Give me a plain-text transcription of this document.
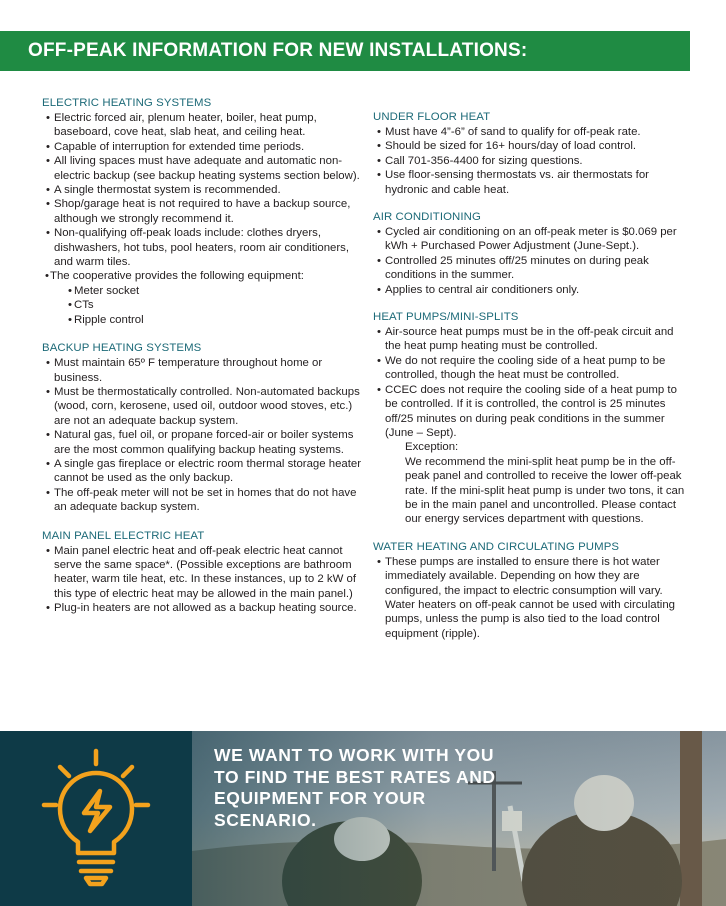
OFF-PEAK INFORMATION FOR NEW INSTALLATIONS:
ELECTRIC HEATING SYSTEMS
• Electric forced air, plenum heater, boiler, heat pump, baseboard, cove heat, slab heat, and ceiling heat.
• Capable of interruption for extended time periods.
• All living spaces must have adequate and automatic non-electric backup (see backup heating systems section below).
• A single thermostat system is recommended.
• Shop/garage heat is not required to have a backup source, although we strongly recommend it.
• Non-qualifying off-peak loads include: clothes dryers, dishwashers, hot tubs, pool heaters, room air conditioners, and warm tiles.
• The cooperative provides the following equipment:
• Meter socket
• CTs
• Ripple control
BACKUP HEATING SYSTEMS
• Must maintain 65º F temperature throughout home or business.
• Must be thermostatically controlled. Non-automated backups (wood, corn, kerosene, used oil, outdoor wood stoves, etc.) are not an adequate backup system.
• Natural gas, fuel oil, or propane forced-air or boiler systems are the most common qualifying backup heating systems.
• A single gas fireplace or electric room thermal storage heater cannot be used as the only backup.
• The off-peak meter will not be set in homes that do not have an adequate backup system.
MAIN PANEL ELECTRIC HEAT
• Main panel electric heat and off-peak electric heat cannot serve the same space*. (Possible exceptions are bathroom heater, warm tile heat, etc. In these instances, up to 2 kW of this type of electric heat may be allowed in the main panel.)
• Plug-in heaters are not allowed as a backup heating source.
UNDER FLOOR HEAT
• Must have 4”-6” of sand to qualify for off-peak rate.
• Should be sized for 16+ hours/day of load control.
• Call 701-356-4400 for sizing questions.
• Use floor-sensing thermostats vs. air thermostats for hydronic and cable heat.
AIR CONDITIONING
• Cycled air conditioning on an off-peak meter is $0.069 per kWh + Purchased Power Adjustment (June-Sept.).
• Controlled 25 minutes off/25 minutes on during peak conditions in the summer.
• Applies to central air conditioners only.
HEAT PUMPS/MINI-SPLITS
• Air-source heat pumps must be in the off-peak circuit and the heat pump heating must be controlled.
• We do not require the cooling side of a heat pump to be controlled, though the heat must be controlled.
• CCEC does not require the cooling side of a heat pump to be controlled. If it is controlled, the control is 25 minutes off/25 minutes on during peak conditions in the summer (June – Sept).
Exception:
We recommend the mini-split heat pump be in the off-peak panel and controlled to receive the lower off-peak rate. If the mini-split heat pump is under two tons, it can be in the main panel and uncontrolled. Please contact our energy services department with questions.
WATER HEATING AND CIRCULATING PUMPS
• These pumps are installed to ensure there is hot water immediately available. Depending on how they are configured, the impact to electric consumption will vary. Water heaters on off-peak cannot be used with circulating pumps, unless the pump is also tied to the load control equipment (ripple).
WE WANT TO WORK WITH YOU TO FIND THE BEST RATES AND EQUIPMENT FOR YOUR SCENARIO.
